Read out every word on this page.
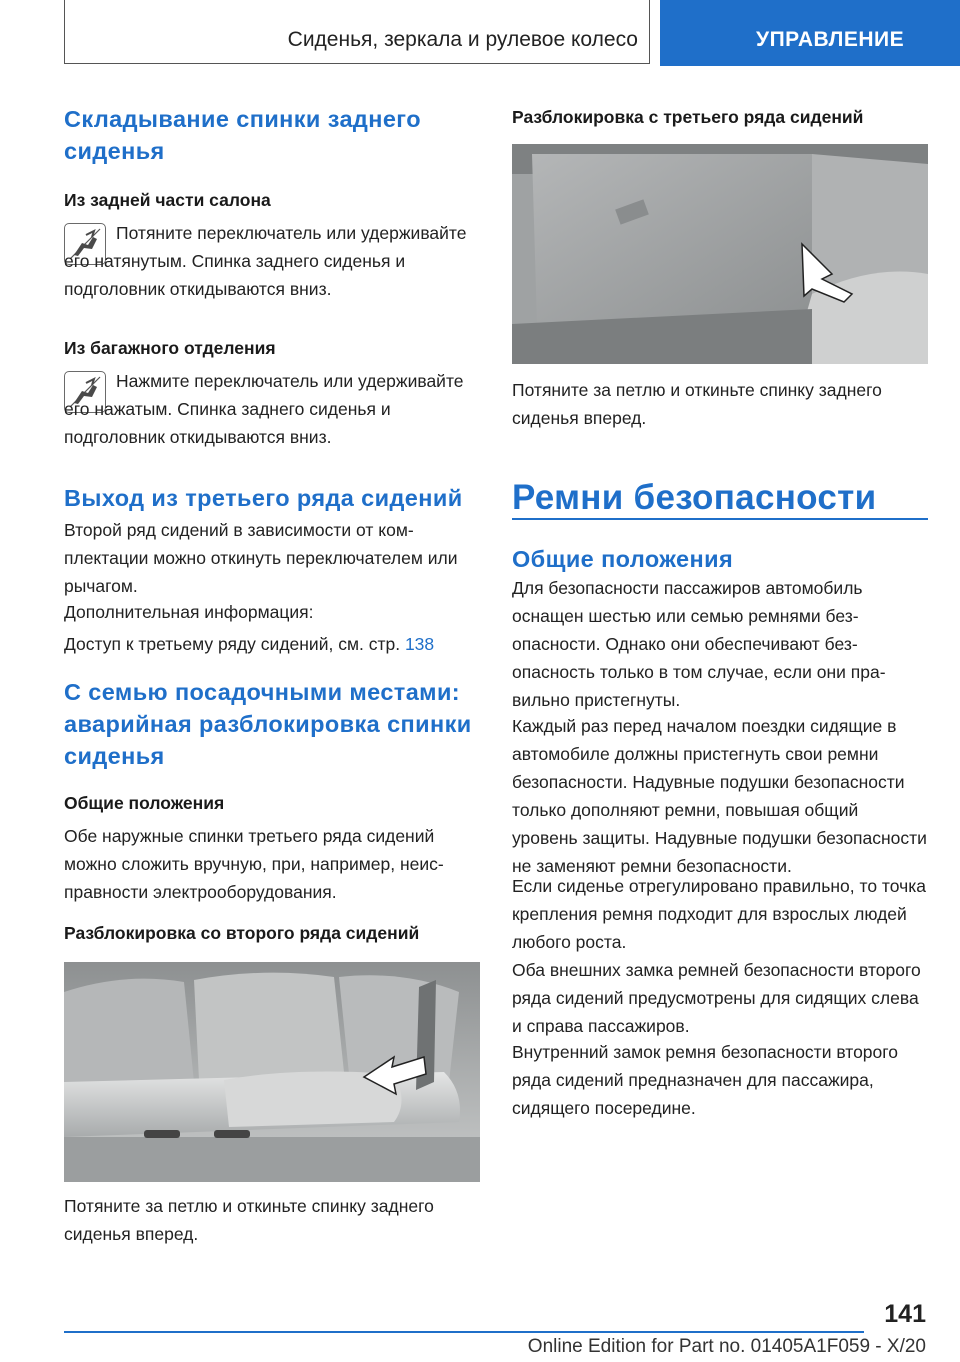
Сиденья, зеркала и рулевое колесо	УПРАВЛЕНИЕ
Складывание спинки заднего сиденья
Из задней части салона
Потяните переключатель или удерживайте его натянутым. Спинка заднего сиденья и подголовник откидываются вниз.
Из багажного отделения
Нажмите переключатель или удерживайте его нажатым. Спинка заднего сиденья и подголовник откидываются вниз.
Выход из третьего ряда сидений
Второй ряд сидений в зависимости от комплектации можно откинуть переключателем или рычагом.
Дополнительная информация:
Доступ к третьему ряду сидений, см. стр. 138
С семью посадочными местами: аварийная разблокировка спинки сиденья
Общие положения
Обе наружные спинки третьего ряда сидений можно сложить вручную, при, например, неисправности электрооборудования.
Разблокировка со второго ряда сидений
Потяните за петлю и откиньте спинку заднего сиденья вперед.
Разблокировка с третьего ряда сидений
Потяните за петлю и откиньте спинку заднего сиденья вперед.
Ремни безопасности
Общие положения
Для безопасности пассажиров автомобиль оснащен шестью или семью ремнями безопасности. Однако они обеспечивают безопасность только в том случае, если они правильно пристегнуты.
Каждый раз перед началом поездки сидящие в автомобиле должны пристегнуть свои ремни безопасности. Надувные подушки безопасности только дополняют ремни, повышая общий уровень защиты. Надувные подушки безопасности не заменяют ремни безопасности.
Если сиденье отрегулировано правильно, то точка крепления ремня подходит для взрослых людей любого роста.
Оба внешних замка ремней безопасности второго ряда сидений предусмотрены для сидящих слева и справа пассажиров.
Внутренний замок ремня безопасности второго ряда сидений предназначен для пассажира, сидящего посередине.
141
Online Edition for Part no. 01405A1F059 - X/20
